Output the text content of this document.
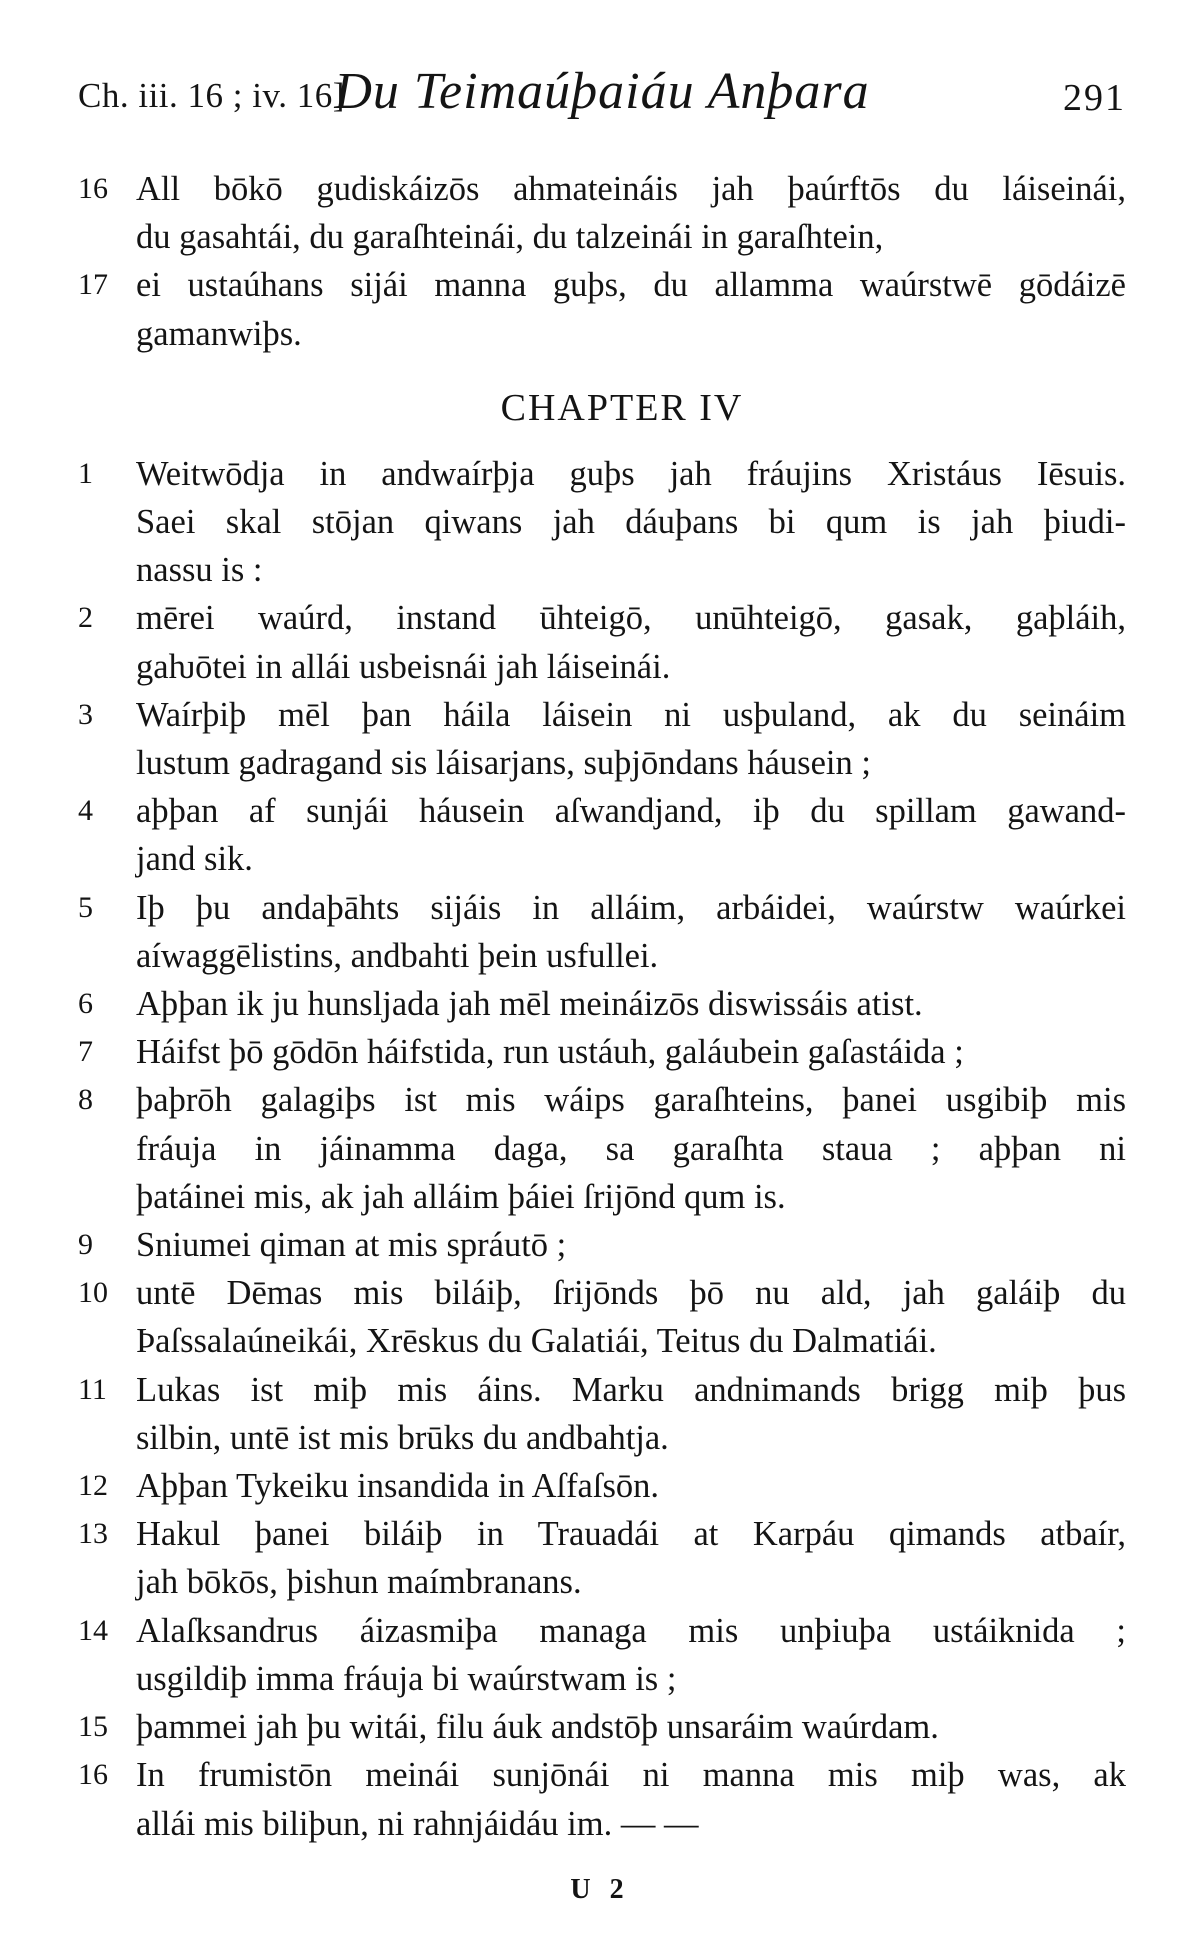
Ch. iii. 16 ; iv. 16]
Du Teimaúþaiáu Anþara	291
16 All bōkō gudiskáizōs ahmateináis jah þaúrftōs du láiseinái,
du gasahtái, du garaſhteinái, du talzeinái in garaſhtein,
17 ei ustaúhans sijái manna guþs, du allamma waúrstwē gōdáizē
gamanwiþs.
CHAPTER IV
1	Weitwōdja in andwaírþja guþs jah fráujins Xristáus Iēsuis.
Saei skal stōjan qiwans jah dáuþans bi qum is jah þiudi-
nassu is :
2	mērei waúrd, instand ūhteigō, unūhteigō, gasak, gaþláih,
gaƕōtei in allái usbeisnái jah láiseinái.
3	Waírþiþ mēl þan háila láisein ni usþuland, ak du seináim
lustum gadragand sis láisarjans, suþjōndans háusein ;
4	aþþan af sunjái háusein aſwandjand, iþ du spillam gawand-
jand sik.
5	Iþ þu andaþāhts sijáis in alláim, arbáidei, waúrstw waúrkei
aíwaggēlistins, andbahti þein usfullei.
6	Aþþan ik ju hunsljada jah mēl meináizōs diswissáis atist.
7	Háifst þō gōdōn háifstida, run ustáuh, galáubein gaſastáida ;
8	þaþrōh galagiþs ist mis wáips garaſhteins, þanei usgibiþ mis
fráuja in jáinamma daga, sa garaſhta staua ; aþþan ni
þatáinei mis, ak jah alláim þáiei ſrijōnd qum is.
9	Sniumei qiman at mis spráutō ;
10 untē Dēmas mis biláiþ, ſrijōnds þō nu ald, jah galáiþ du
Þaſssalaúneikái, Xrēskus du Galatiái, Teitus du Dalmatiái.
11 Lukas ist miþ mis áins. Marku andnimands brigg miþ þus
silbin, untē ist mis brūks du andbahtja.
12 Aþþan Tykeiku insandida in Aſfaſsōn.
13 Hakul þanei biláiþ in Trauadái at Karpáu qimands atbaír,
jah bōkōs, þishun maímbranans.
14 Alaſksandrus áizasmiþa managa mis unþiuþa ustáiknida ;
usgildiþ imma fráuja bi waúrstwam is ;
15 þammei jah þu witái, filu áuk andstōþ unsaráim waúrdam.
16 In frumistōn meinái sunjōnái ni manna mis miþ was, ak
allái mis biliþun, ni rahnjáidáu im. — —
U 2
